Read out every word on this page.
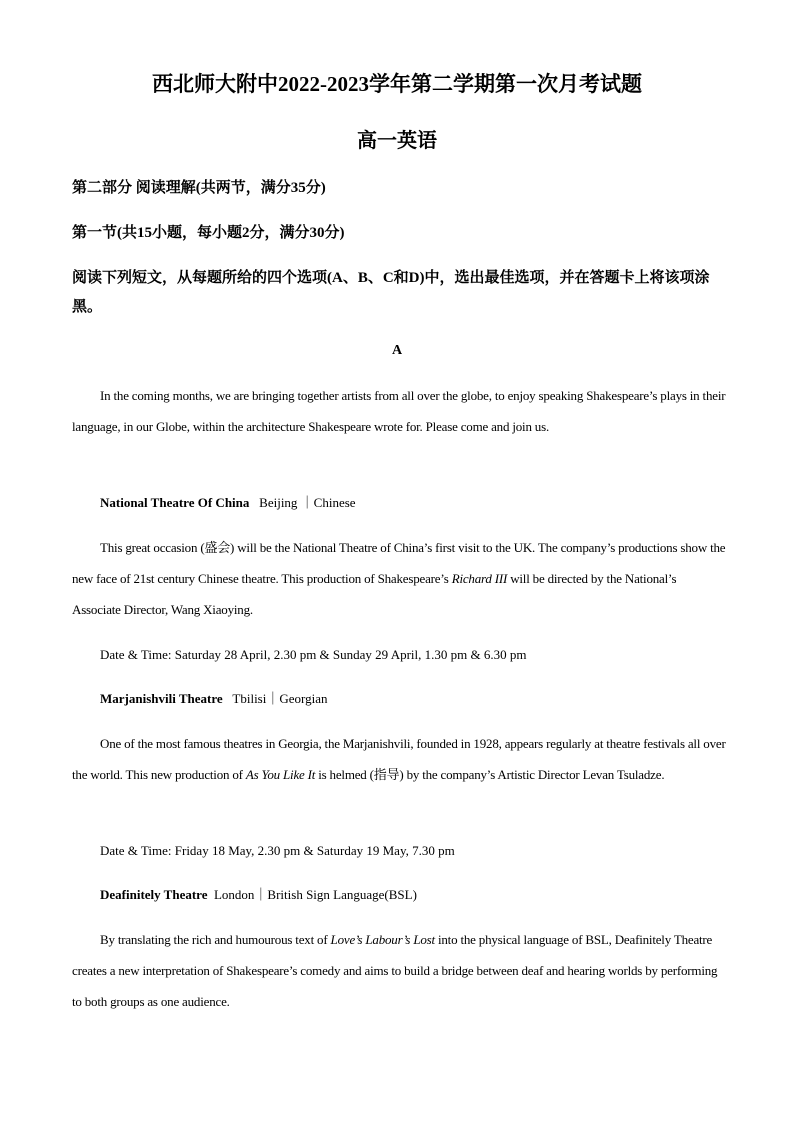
西北师大附中2022-2023学年第二学期第一次月考试题
高一英语

第二部分 阅读理解(共两节，满分35分)

第一节(共15小题，每小题2分，满分30分)

阅读下列短文，从每题所给的四个选项(A、B、C和D)中，选出最佳选项，并在答题卡上将该项涂黑。

A

In the coming months, we are bringing together artists from all over the globe, to enjoy speaking Shakespeare’s plays in their language, in our Globe, within the architecture Shakespeare wrote for. Please come and join us.

National Theatre Of China Beijing ｜Chinese

This great occasion (盛会) will be the National Theatre of China’s first visit to the UK. The company’s productions show the new face of 21st century Chinese theatre. This production of Shakespeare’s Richard III will be directed by the National’s Associate Director, Wang Xiaoying.

Date & Time: Saturday 28 April, 2.30 pm & Sunday 29 April, 1.30 pm & 6.30 pm

Marjanishvili Theatre Tbilisi｜Georgian

One of the most famous theatres in Georgia, the Marjanishvili, founded in 1928, appears regularly at theatre festivals all over the world. This new production of As You Like It is helmed (指导) by the company’s Artistic Director Levan Tsuladze.

Date & Time: Friday 18 May, 2.30 pm & Saturday 19 May, 7.30 pm

Deafinitely Theatre London｜British Sign Language(BSL)

By translating the rich and humourous text of Love’s Labour’s Lost into the physical language of BSL, Deafinitely Theatre creates a new interpretation of Shakespeare’s comedy and aims to build a bridge between deaf and hearing worlds by performing to both groups as one audience.
